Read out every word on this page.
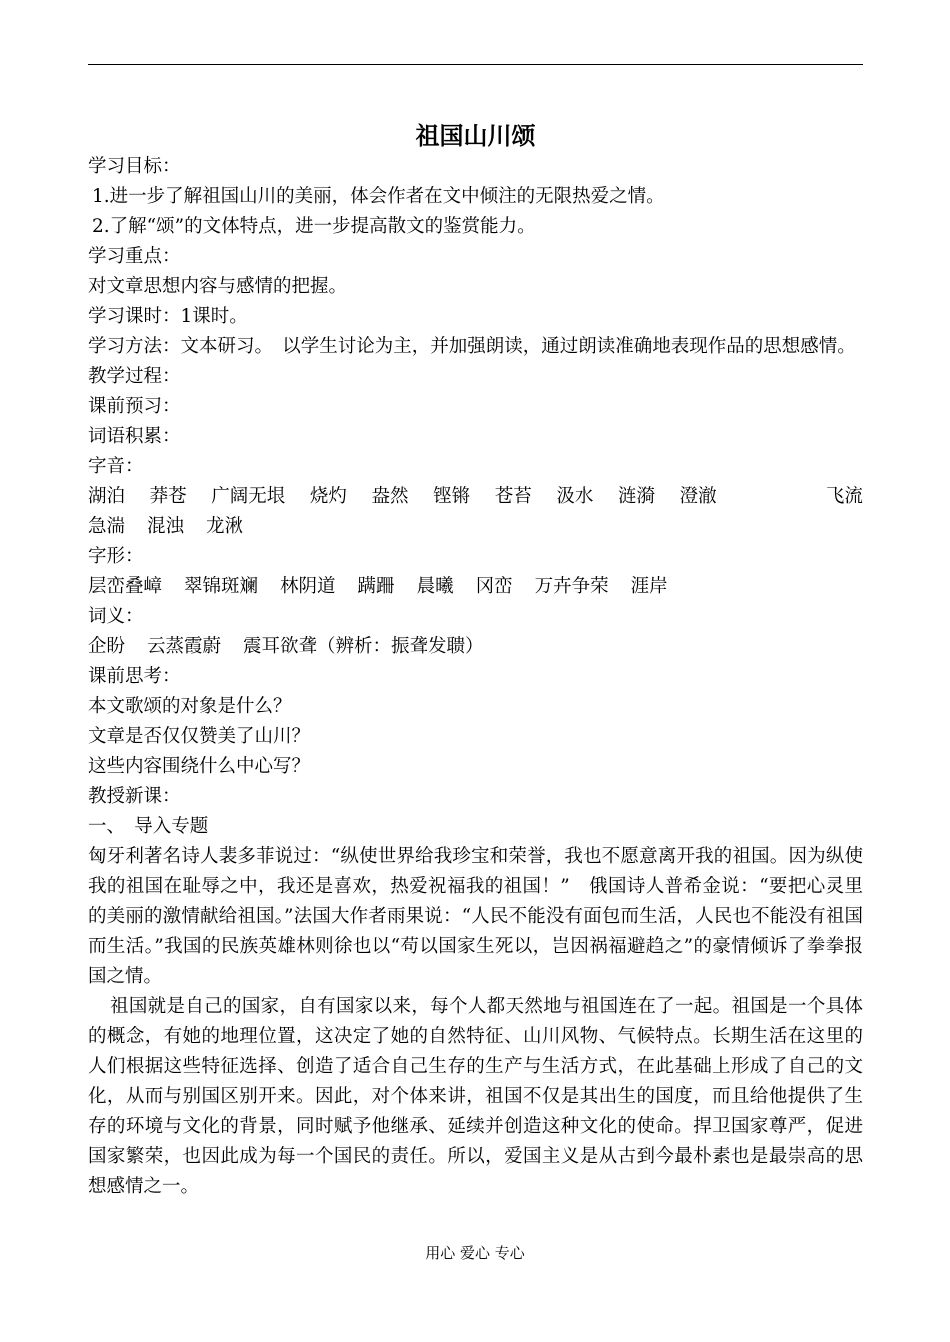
祖国山川颂
学习目标：
1.进一步了解祖国山川的美丽，体会作者在文中倾注的无限热爱之情。
2.了解“颂”的文体特点，进一步提高散文的鉴赏能力。
学习重点：
对文章思想内容与感情的把握。
学习课时：1课时。
学习方法：文本研习。　以学生讨论为主，并加强朗读，通过朗读准确地表现作品的思想感情。
教学过程：
课前预习：
词语积累：
字音：
湖泊 莽苍 广阔无垠 烧灼 盎然 铿锵 苍苔 汲水 涟漪 澄澈	飞流
急湍 混浊 龙湫
字形：
层峦叠嶂 翠锦斑斓 林阴道 蹒跚 晨曦 冈峦 万卉争荣 涯岸
词义：
企盼 云蒸霞蔚 震耳欲聋（辨析：振聋发聩）
课前思考：
本文歌颂的对象是什么？
文章是否仅仅赞美了山川？
这些内容围绕什么中心写？
教授新课：
一、　导入专题
匈牙利著名诗人裴多菲说过：“纵使世界给我珍宝和荣誉，我也不愿意离开我的祖国。因为纵使我的祖国在耻辱之中，我还是喜欢，热爱祝福我的祖国！”　俄国诗人普希金说：“要把心灵里的美丽的激情献给祖国。”法国大作者雨果说：“人民不能没有面包而生活，人民也不能没有祖国而生活。”我国的民族英雄林则徐也以“苟以国家生死以，岂因祸福避趋之”的豪情倾诉了拳拳报国之情。
祖国就是自己的国家，自有国家以来，每个人都天然地与祖国连在了一起。祖国是一个具体的概念，有她的地理位置，这决定了她的自然特征、山川风物、气候特点。长期生活在这里的人们根据这些特征选择、创造了适合自己生存的生产与生活方式，在此基础上形成了自己的文化，从而与别国区别开来。因此，对个体来讲，祖国不仅是其出生的国度，而且给他提供了生存的环境与文化的背景，同时赋予他继承、延续并创造这种文化的使命。捍卫国家尊严，促进国家繁荣，也因此成为每一个国民的责任。所以，爱国主义是从古到今最朴素也是最崇高的思想感情之一。
用心 爱心 专心
